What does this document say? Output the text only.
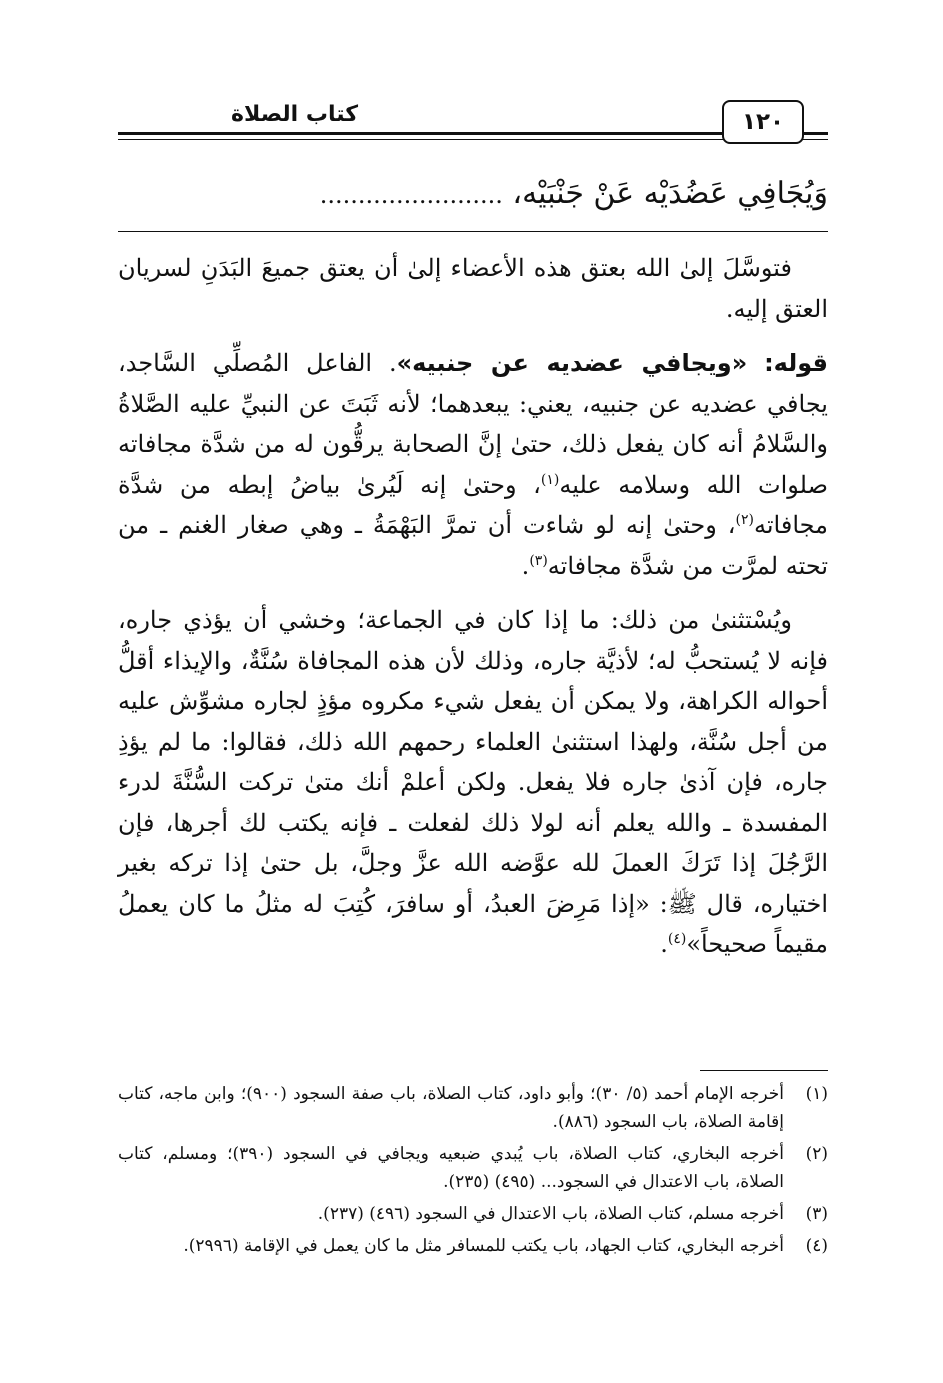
كتاب الصلاة	١٢٠
وَيُجَافِي عَضُدَيْه عَنْ جَنْبَيْه، ........................

فتوسَّلَ إلىٰ الله بعتق هذه الأعضاء إلىٰ أن يعتق جميعَ البَدَنِ لسريان العتق إليه.

قوله: «ويجافي عضديه عن جنبيه». الفاعل المُصلِّي السَّاجد، يجافي عضديه عن جنبيه، يعني: يبعدهما؛ لأنه ثَبَتَ عن النبيِّ عليه الصَّلاةُ والسَّلامُ أنه كان يفعل ذلك، حتىٰ إنَّ الصحابة يرقُّون له من شدَّة مجافاته صلوات الله وسلامه عليه$^{(١)}$، وحتىٰ إنه لَيُرىٰ بياضُ إبطه من شدَّة مجافاته$^{(٢)}$، وحتىٰ إنه لو شاءت أن تمرَّ البَهْمَةُ ـ وهي صغار الغنم ـ من تحته لمرَّت من شدَّة مجافاته$^{(٣)}$.

ويُسْتثنىٰ من ذلك: ما إذا كان في الجماعة؛ وخشي أن يؤذي جاره، فإنه لا يُستحبُّ له؛ لأذيَّة جاره، وذلك لأن هذه المجافاة سُنَّةٌ، والإيذاء أقلُّ أحواله الكراهة، ولا يمكن أن يفعل شيء مكروه مؤذٍ لجاره مشوِّش عليه من أجل سُنَّة، ولهذا استثنىٰ العلماء رحمهم الله ذلك، فقالوا: ما لم يؤذِ جاره، فإن آذىٰ جاره فلا يفعل. ولكن أعلمْ أنك متىٰ تركت السُّنَّةَ لدرء المفسدة ـ والله يعلم أنه لولا ذلك لفعلت ـ فإنه يكتب لك أجرها، فإن الرَّجُلَ إذا تَرَكَ العملَ لله عوَّضه الله عزَّ وجلَّ، بل حتىٰ إذا تركه بغير اختياره، قال ﷺ: «إذا مَرِضَ العبدُ، أو سافرَ، كُتِبَ له مثلُ ما كان يعملُ مقيماً صحيحاً»$^{(٤)}$.

(١)
أخرجه الإمام أحمد (٥/ ٣٠)؛ وأبو داود، كتاب الصلاة، باب صفة السجود (٩٠٠)؛ وابن ماجه، كتاب إقامة الصلاة، باب السجود (٨٨٦).
(٢)
أخرجه البخاري، كتاب الصلاة، باب يُبدي ضبعيه ويجافي في السجود (٣٩٠)؛ ومسلم، كتاب الصلاة، باب الاعتدال في السجود... (٤٩٥) (٢٣٥).
(٣)
أخرجه مسلم، كتاب الصلاة، باب الاعتدال في السجود (٤٩٦) (٢٣٧).
(٤)
أخرجه البخاري، كتاب الجهاد، باب يكتب للمسافر مثل ما كان يعمل في الإقامة (٢٩٩٦).
